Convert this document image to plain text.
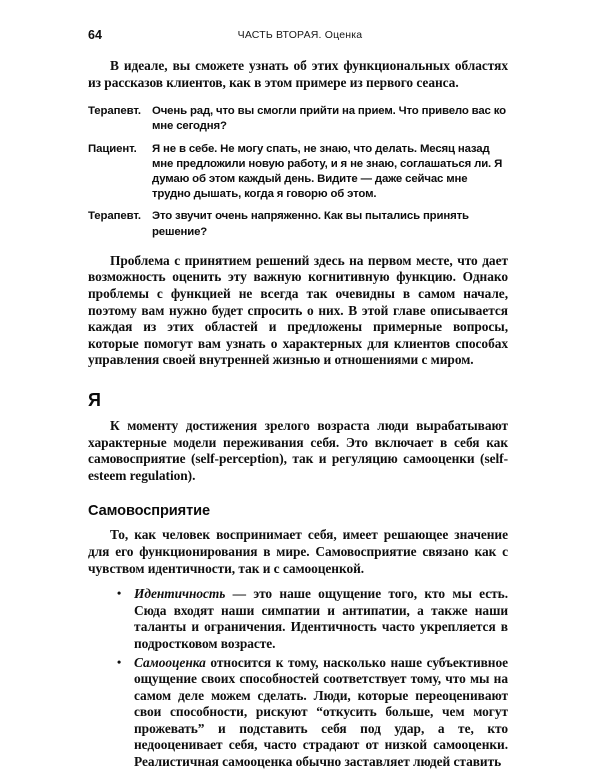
64	ЧАСТЬ ВТОРАЯ. Оценка

В идеале, вы сможете узнать об этих функциональных областях из рассказов клиентов, как в этом примере из первого сеанса.

Терапевт. Очень рад, что вы смогли прийти на прием. Что привело вас ко мне сегодня?
Пациент.	Я не в себе. Не могу спать, не знаю, что делать. Месяц назад мне предложили новую работу, и я не знаю, соглашаться ли. Я думаю об этом каждый день. Видите — даже сейчас мне трудно дышать, когда я говорю об этом.
Терапевт. Это звучит очень напряженно. Как вы пытались принять решение?

Проблема с принятием решений здесь на первом месте, что дает возможность оценить эту важную когнитивную функцию. Однако проблемы с функцией не всегда так очевидны в самом начале, поэтому вам нужно будет спросить о них. В этой главе описывается каждая из этих областей и предложены примерные вопросы, которые помогут вам узнать о характерных для клиентов способах управления своей внутренней жизнью и отношениями с миром.

Я

К моменту достижения зрелого возраста люди вырабатывают характерные модели переживания себя. Это включает в себя как самовосприятие (self-perception), так и регуляцию самооценки (self-esteem regulation).

Самовосприятие

То, как человек воспринимает себя, имеет решающее значение для его функционирования в мире. Самовосприятие связано как с чувством идентичности, так и с самооценкой.

• Идентичность — это наше ощущение того, кто мы есть. Сюда входят наши симпатии и антипатии, а также наши таланты и ограничения. Идентичность часто укрепляется в подростковом возрасте.
• Самооценка относится к тому, насколько наше субъективное ощущение своих способностей соответствует тому, что мы на самом деле можем сделать. Люди, которые переоценивают свои способности, рискуют “откусить больше, чем могут прожевать” и подставить себя под удар, а те, кто недооценивает себя, часто страдают от низкой самооценки. Реалистичная самооценка обычно заставляет людей ставить
